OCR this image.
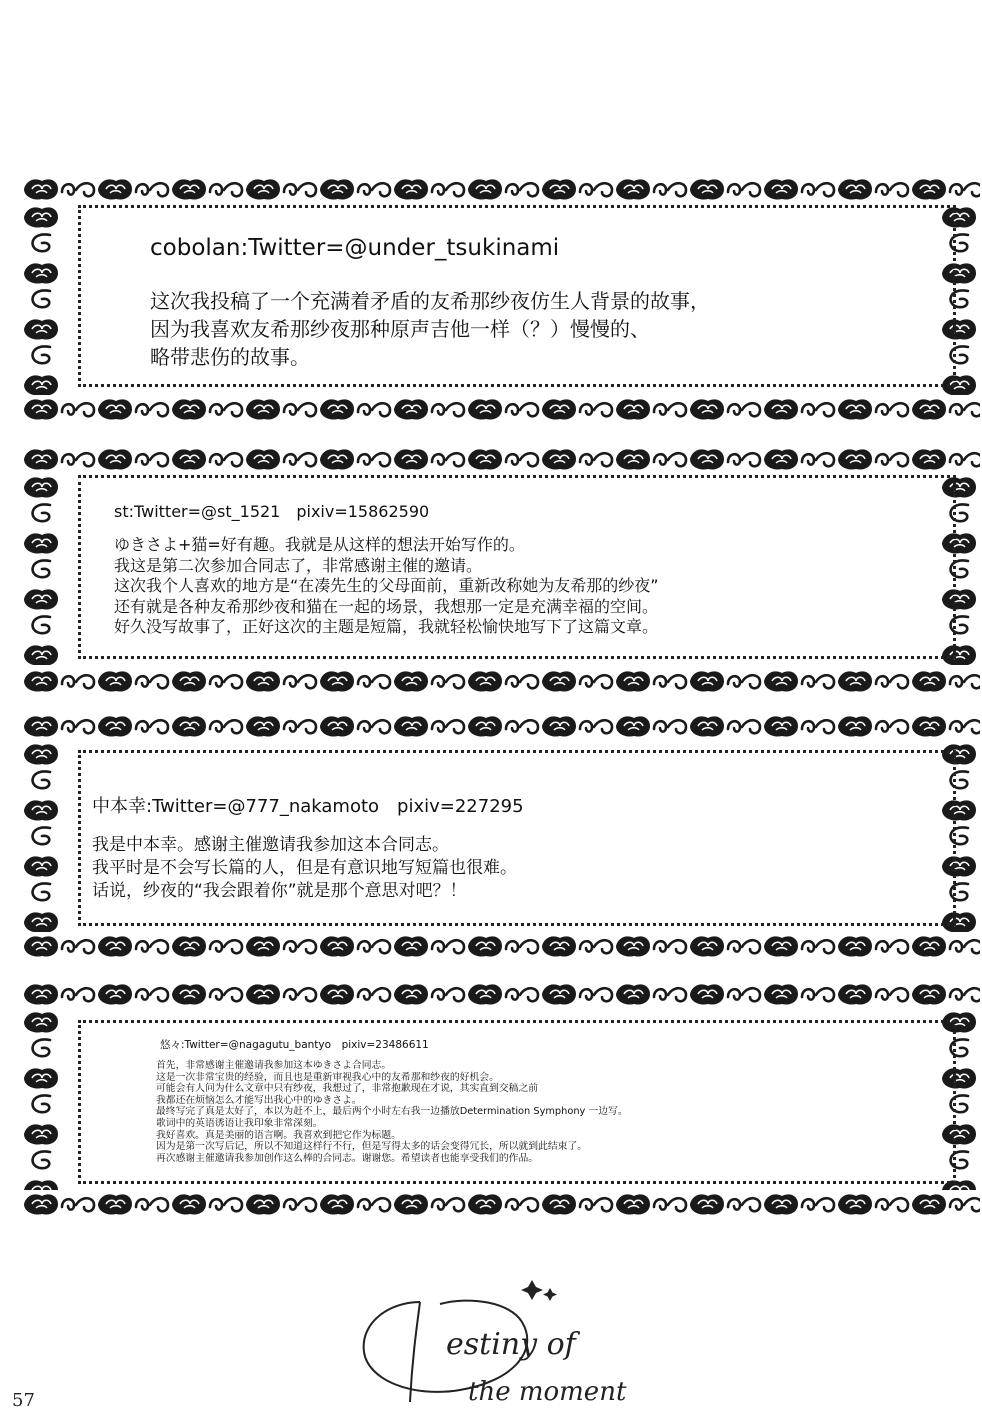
cobolan:Twitter=@under_tsukinami
这次我投稿了一个充满着矛盾的友希那纱夜仿生人背景的故事，
因为我喜欢友希那纱夜那种原声吉他一样（？）慢慢的、
略带悲伤的故事。
st:Twitter=@st_1521　pixiv=15862590
ゆきさよ+猫=好有趣。我就是从这样的想法开始写作的。
我这是第二次参加合同志了，非常感谢主催的邀请。
这次我个人喜欢的地方是“在凑先生的父母面前，重新改称她为友希那的纱夜”
还有就是各种友希那纱夜和猫在一起的场景，我想那一定是充满幸福的空间。
好久没写故事了，正好这次的主题是短篇，我就轻松愉快地写下了这篇文章。
中本幸:Twitter=@777_nakamoto　pixiv=227295
我是中本幸。感谢主催邀请我参加这本合同志。
我平时是不会写长篇的人，但是有意识地写短篇也很难。
话说，纱夜的“我会跟着你”就是那个意思对吧？！
悠々:Twitter=@nagagutu_bantyo　pixiv=23486611
首先，非常感谢主催邀请我参加这本ゆきさよ合同志。
这是一次非常宝贵的经验，而且也是重新审视我心中的友希那和纱夜的好机会。
可能会有人问为什么文章中只有纱夜，我想过了，非常抱歉现在才说，其实直到交稿之前
我都还在烦恼怎么才能写出我心中的ゆきさよ。
最终写完了真是太好了，本以为赶不上，最后两个小时左右我一边播放Determination Symphony 一边写。
歌词中的英语诱语让我印象非常深刻。
我好喜欢。真是美丽的语言啊。我喜欢到把它作为标题。
因为是第一次写后记，所以不知道这样行不行，但是写得太多的话会变得冗长，所以就到此结束了。
再次感谢主催邀请我参加创作这么棒的合同志。谢谢您。希望读者也能享受我们的作品。
estiny of
the moment
D
57
